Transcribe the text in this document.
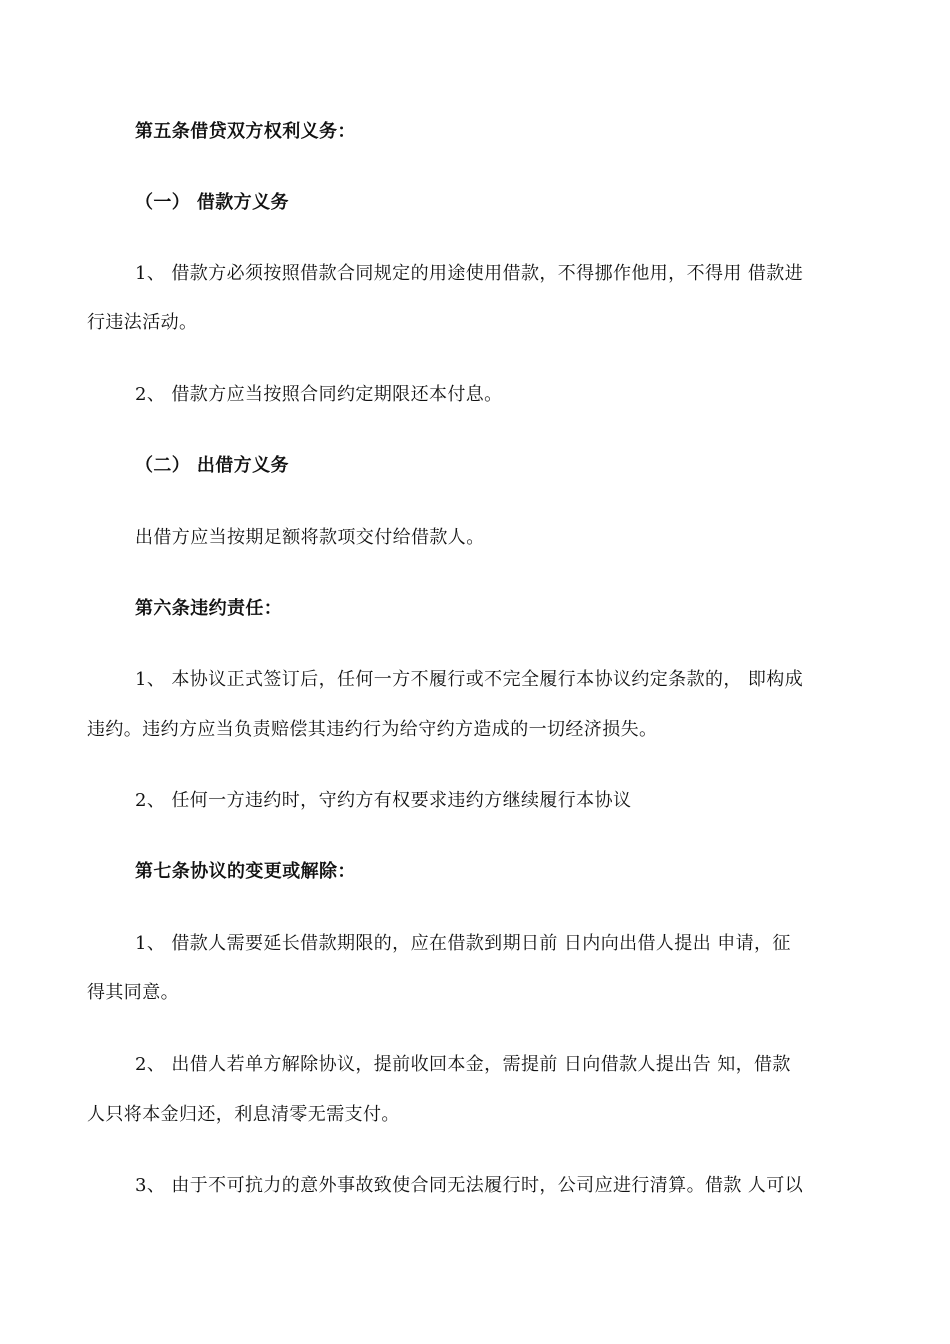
第五条借贷双方权利义务：
（一） 借款方义务
1、 借款方必须按照借款合同规定的用途使用借款，不得挪作他用，不得用 借款进
行违法活动。
2、 借款方应当按照合同约定期限还本付息。
（二） 出借方义务
出借方应当按期足额将款项交付给借款人。
第六条违约责任：
1、 本协议正式签订后，任何一方不履行或不完全履行本协议约定条款的， 即构成
违约。违约方应当负责赔偿其违约行为给守约方造成的一切经济损失。
2、 任何一方违约时，守约方有权要求违约方继续履行本协议
第七条协议的变更或解除：
1、 借款人需要延长借款期限的，应在借款到期日前 日内向出借人提出 申请，征
得其同意。
2、 出借人若单方解除协议，提前收回本金，需提前 日向借款人提出告 知，借款
人只将本金归还，利息清零无需支付。
3、 由于不可抗力的意外事故致使合同无法履行时，公司应进行清算。借款 人可以
